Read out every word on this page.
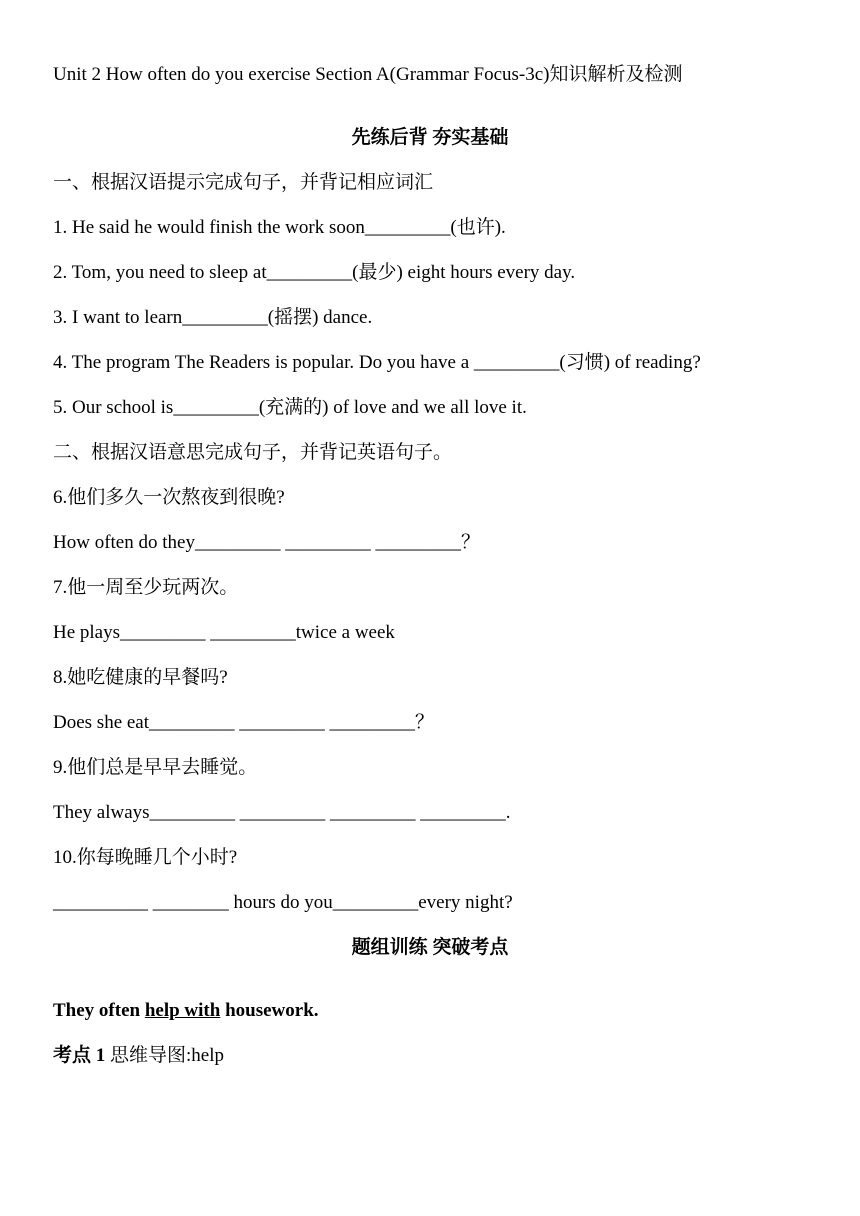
Unit 2 How often do you exercise Section A(Grammar Focus-3c)知识解析及检测
先练后背 夯实基础
一、根据汉语提示完成句子，并背记相应词汇
1. He said he would finish the work soon_________(也许).
2. Tom, you need to sleep at_________(最少) eight hours every day.
3. I want to learn_________(摇摆) dance.
4. The program The Readers is popular. Do you have a _________(习惯) of reading?
5. Our school is_________(充满的) of love and we all love it.
二、根据汉语意思完成句子，并背记英语句子。
6.他们多久一次熬夜到很晚?
How often do they_________ _________ _________？
7.他一周至少玩两次。
He plays_________ _________twice a week
8.她吃健康的早餐吗?
Does she eat_________ _________ _________？
9.他们总是早早去睡觉。
They always_________ _________ _________ _________.
10.你每晚睡几个小时?
__________ ________ hours do you_________every night?
题组训练 突破考点
They often help with housework.
考点 1 思维导图:help
